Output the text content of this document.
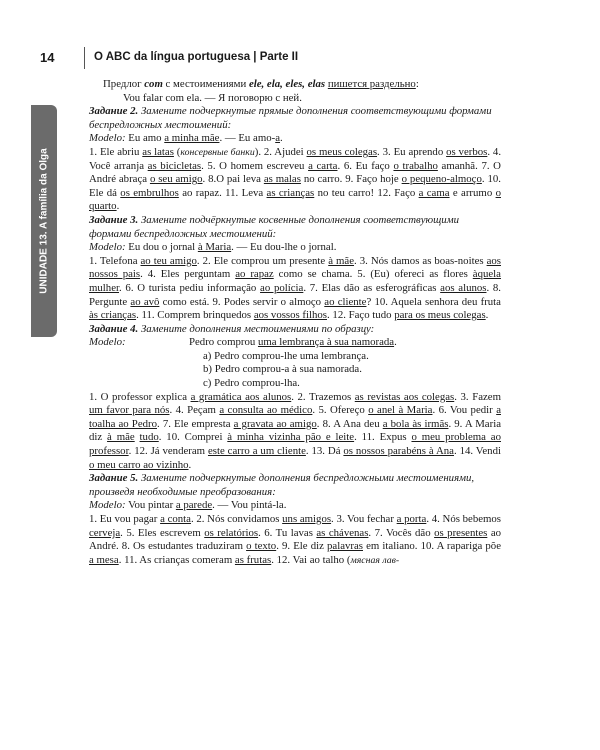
14	O ABC da língua portuguesa | Parte II
UNIDADE 13. A família da Olga

Предлог com с местоимениями ele, ela, eles, elas пишется раздельно:

Vou falar com ela. — Я поговорю с ней.

Задание 2. Замените подчеркнутые прямые дополнения соответствующими формами беспредложных местоимений:

Modelo: Eu amo a minha mãe. — Eu amo-a.

1. Ele abriu as latas (консервные банки). 2. Ajudei os meus colegas. 3. Eu aprendo os verbos. 4. Você arranja as bicicletas. 5. O homem escreveu a carta. 6. Eu faço o trabalho amanhã. 7. O André abraça o seu amigo. 8.O pai leva as malas no carro. 9. Faço hoje o pequeno-almoço. 10. Ele dá os embrulhos ao rapaz. 11. Leva as crianças no teu carro! 12. Faço a cama e arrumo o quarto.

Задание 3. Замените подчёркнутые косвенные дополнения соответствующими формами беспредложных местоимений:

Modelo: Eu dou o jornal à Maria. — Eu dou-lhe o jornal.

1. Telefona ao teu amigo. 2. Ele comprou um presente à mãe. 3. Nós damos as boas-noites aos nossos pais. 4. Eles perguntam ao rapaz como se chama. 5. (Eu) ofereci as flores àquela mulher. 6. O turista pediu informação ao polícia. 7. Elas dão as esferográficas aos alunos. 8. Pergunte ao avô como está. 9. Podes servir o almoço ao cliente? 10. Aquela senhora deu fruta às crianças. 11. Comprem brinquedos aos vossos filhos. 12. Faço tudo para os meus colegas.

Задание 4. Замените дополнения местоимениями по образцу:

Modelo:	Pedro comprou uma lembrança à sua namorada.
a) Pedro comprou-lhe uma lembrança.
b) Pedro comprou-a à sua namorada.
c) Pedro comprou-lha.

1. O professor explica a gramática aos alunos. 2. Trazemos as revistas aos colegas. 3. Fazem um favor para nós. 4. Peçam a consulta ao médico. 5. Ofereço o anel à Maria. 6. Vou pedir a toalha ao Pedro. 7. Ele empresta a gravata ao amigo. 8. A Ana deu a bola às irmãs. 9. A Maria diz à mãe tudo. 10. Comprei à minha vizinha pão e leite. 11. Expus o meu problema ao professor. 12. Já venderam este carro a um cliente. 13. Dá os nossos parabéns à Ana. 14. Vendi o meu carro ao vizinho.

Задание 5. Замените подчеркнутые дополнения беспредложными местоимениями, произведя необходимые преобразования:

Modelo: Vou pintar a parede. — Vou pintá-la.

1. Eu vou pagar a conta. 2. Nós convidamos uns amigos. 3. Vou fechar a porta. 4. Nós bebemos cerveja. 5. Eles escrevem os relatórios. 6. Tu lavas as chávenas. 7. Vocês dão os presentes ao André. 8. Os estudantes traduziram o texto. 9. Ele diz palavras em italiano. 10. A rapariga põe a mesa. 11. As crianças comeram as frutas. 12. Vai ao talho (мясная лав-
